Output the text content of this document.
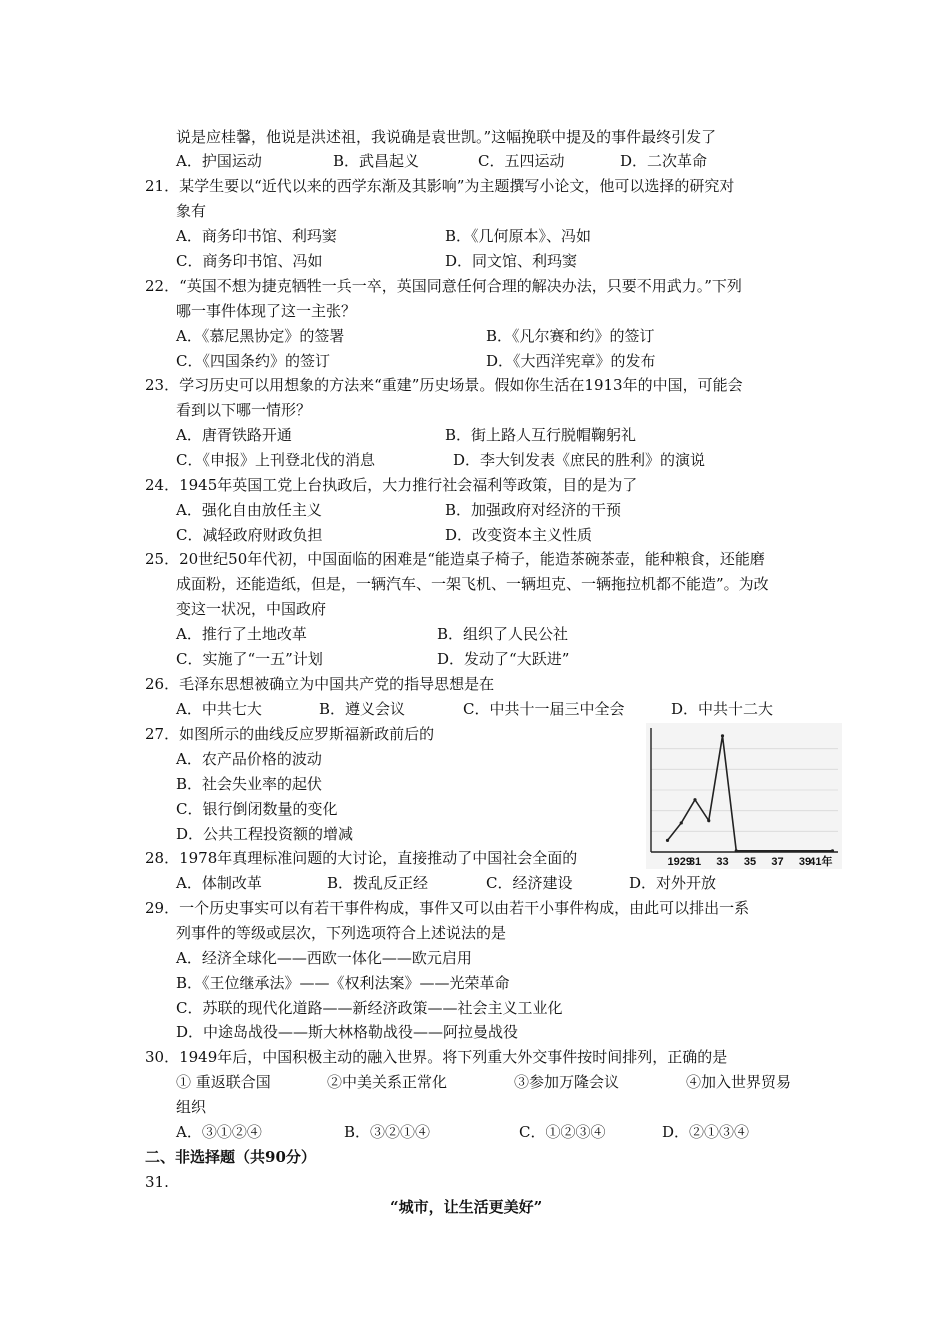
说是应桂馨，他说是洪述祖，我说确是袁世凯。”这幅挽联中提及的事件最终引发了
A．护国运动	B．武昌起义	C．五四运动	D．二次革命
21．某学生要以“近代以来的西学东渐及其影响”为主题撰写小论文，他可以选择的研究对
象有
A．商务印书馆、利玛窦	B．《几何原本》、冯如
C．商务印书馆、冯如	D．同文馆、利玛窦
22．“英国不想为捷克牺牲一兵一卒，英国同意任何合理的解决办法，只要不用武力。”下列
哪一事件体现了这一主张？
A．《慕尼黑协定》的签署	B．《凡尔赛和约》的签订
C．《四国条约》的签订	D．《大西洋宪章》的发布
23．学习历史可以用想象的方法来“重建”历史场景。假如你生活在1913年的中国，可能会
看到以下哪一情形？
A．唐胥铁路开通	B．街上路人互行脱帽鞠躬礼
C．《申报》上刊登北伐的消息	D．李大钊发表《庶民的胜利》的演说
24．1945年英国工党上台执政后，大力推行社会福利等政策，目的是为了
A．强化自由放任主义	B．加强政府对经济的干预
C．减轻政府财政负担	D．改变资本主义性质
25．20世纪50年代初，中国面临的困难是“能造桌子椅子，能造茶碗茶壶，能种粮食，还能磨
成面粉，还能造纸，但是，一辆汽车、一架飞机、一辆坦克、一辆拖拉机都不能造”。为改
变这一状况，中国政府
A．推行了土地改革	B．组织了人民公社
C．实施了“一五”计划	D．发动了“大跃进”
26．毛泽东思想被确立为中国共产党的指导思想是在
A．中共七大	B．遵义会议	C．中共十一届三中全会	D．中共十二大
27．如图所示的曲线反应罗斯福新政前后的
A．农产品价格的波动
B．社会失业率的起伏
C．银行倒闭数量的变化
D．公共工程投资额的增减
1929
31 33 35 37 39
41年
28．1978年真理标准问题的大讨论，直接推动了中国社会全面的
A．体制改革	B．拨乱反正经	C．经济建设	D．对外开放
29．一个历史事实可以有若干事件构成，事件又可以由若干小事件构成，由此可以排出一系
列事件的等级或层次，下列选项符合上述说法的是
A．经济全球化——西欧一体化——欧元启用
B．《王位继承法》——《权利法案》——光荣革命
C．苏联的现代化道路——新经济政策——社会主义工业化
D．中途岛战役——斯大林格勒战役——阿拉曼战役
30．1949年后，中国积极主动的融入世界。将下列重大外交事件按时间排列，正确的是
① 重返联合国	②中美关系正常化	③参加万隆会议	④加入世界贸易
组织
A．③①②④	B．③②①④	C．①②③④	D．②①③④
二、非选择题（共90分）
31.
“城市，让生活更美好”
